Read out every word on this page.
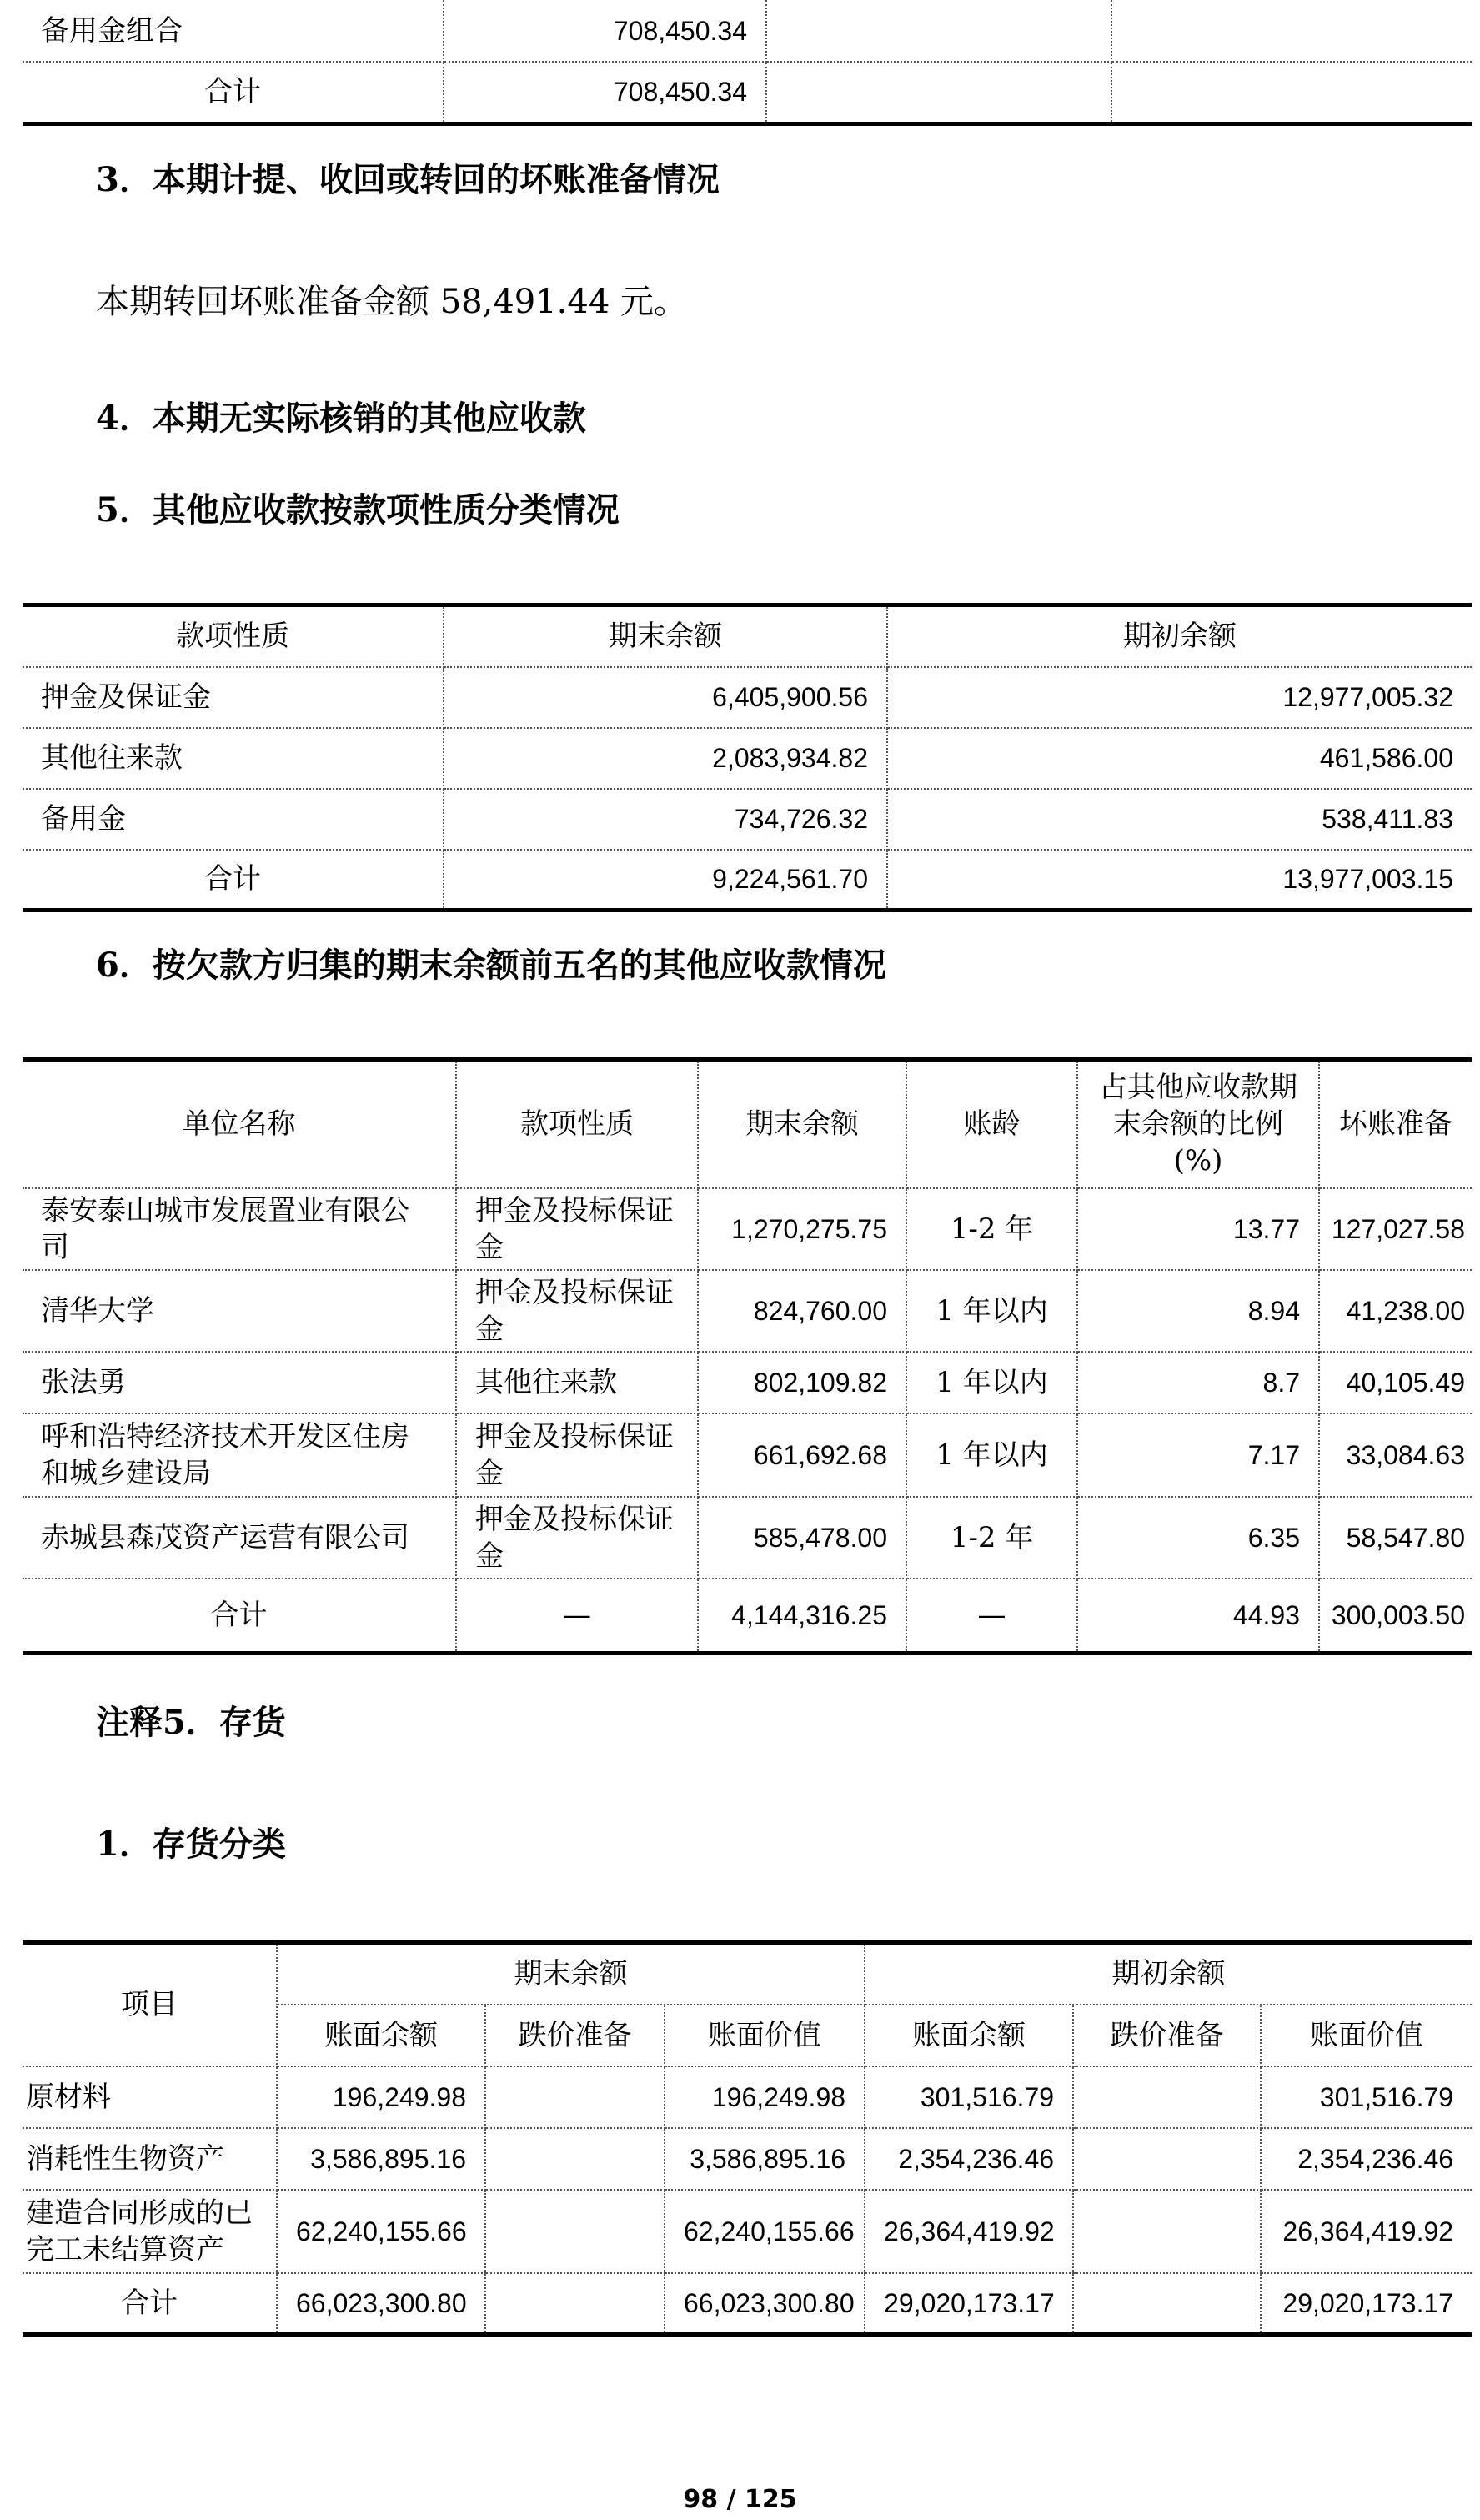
备用金组合	708,450.34		
合计	708,450.34		
3．本期计提、收回或转回的坏账准备情况
本期转回坏账准备金额 58,491.44 元。
4．本期无实际核销的其他应收款
5．其他应收款按款项性质分类情况
款项性质	期末余额	期初余额
押金及保证金	6,405,900.56	12,977,005.32
其他往来款	2,083,934.82	461,586.00
备用金	734,726.32	538,411.83
合计	9,224,561.70	13,977,003.15
6．按欠款方归集的期末余额前五名的其他应收款情况
单位名称	款项性质	期末余额	账龄	占其他应收款期末余额的比例(%)	坏账准备
泰安泰山城市发展置业有限公司	押金及投标保证金	1,270,275.75	1-2 年	13.77	127,027.58
清华大学	押金及投标保证金	824,760.00	1 年以内	8.94	41,238.00
张法勇	其他往来款	802,109.82	1 年以内	8.7	40,105.49
呼和浩特经济技术开发区住房和城乡建设局	押金及投标保证金	661,692.68	1 年以内	7.17	33,084.63
赤城县森茂资产运营有限公司	押金及投标保证金	585,478.00	1-2 年	6.35	58,547.80
合计	—	4,144,316.25	—	44.93	300,003.50
注释5．存货
1．存货分类
项目	期末余额			期初余额		
	账面余额	跌价准备	账面价值	账面余额	跌价准备	账面价值
原材料	196,249.98		196,249.98	301,516.79		301,516.79
消耗性生物资产	3,586,895.16		3,586,895.16	2,354,236.46		2,354,236.46
建造合同形成的已完工未结算资产	62,240,155.66		62,240,155.66	26,364,419.92		26,364,419.92
合计	66,023,300.80		66,023,300.80	29,020,173.17		29,020,173.17
98 / 125
